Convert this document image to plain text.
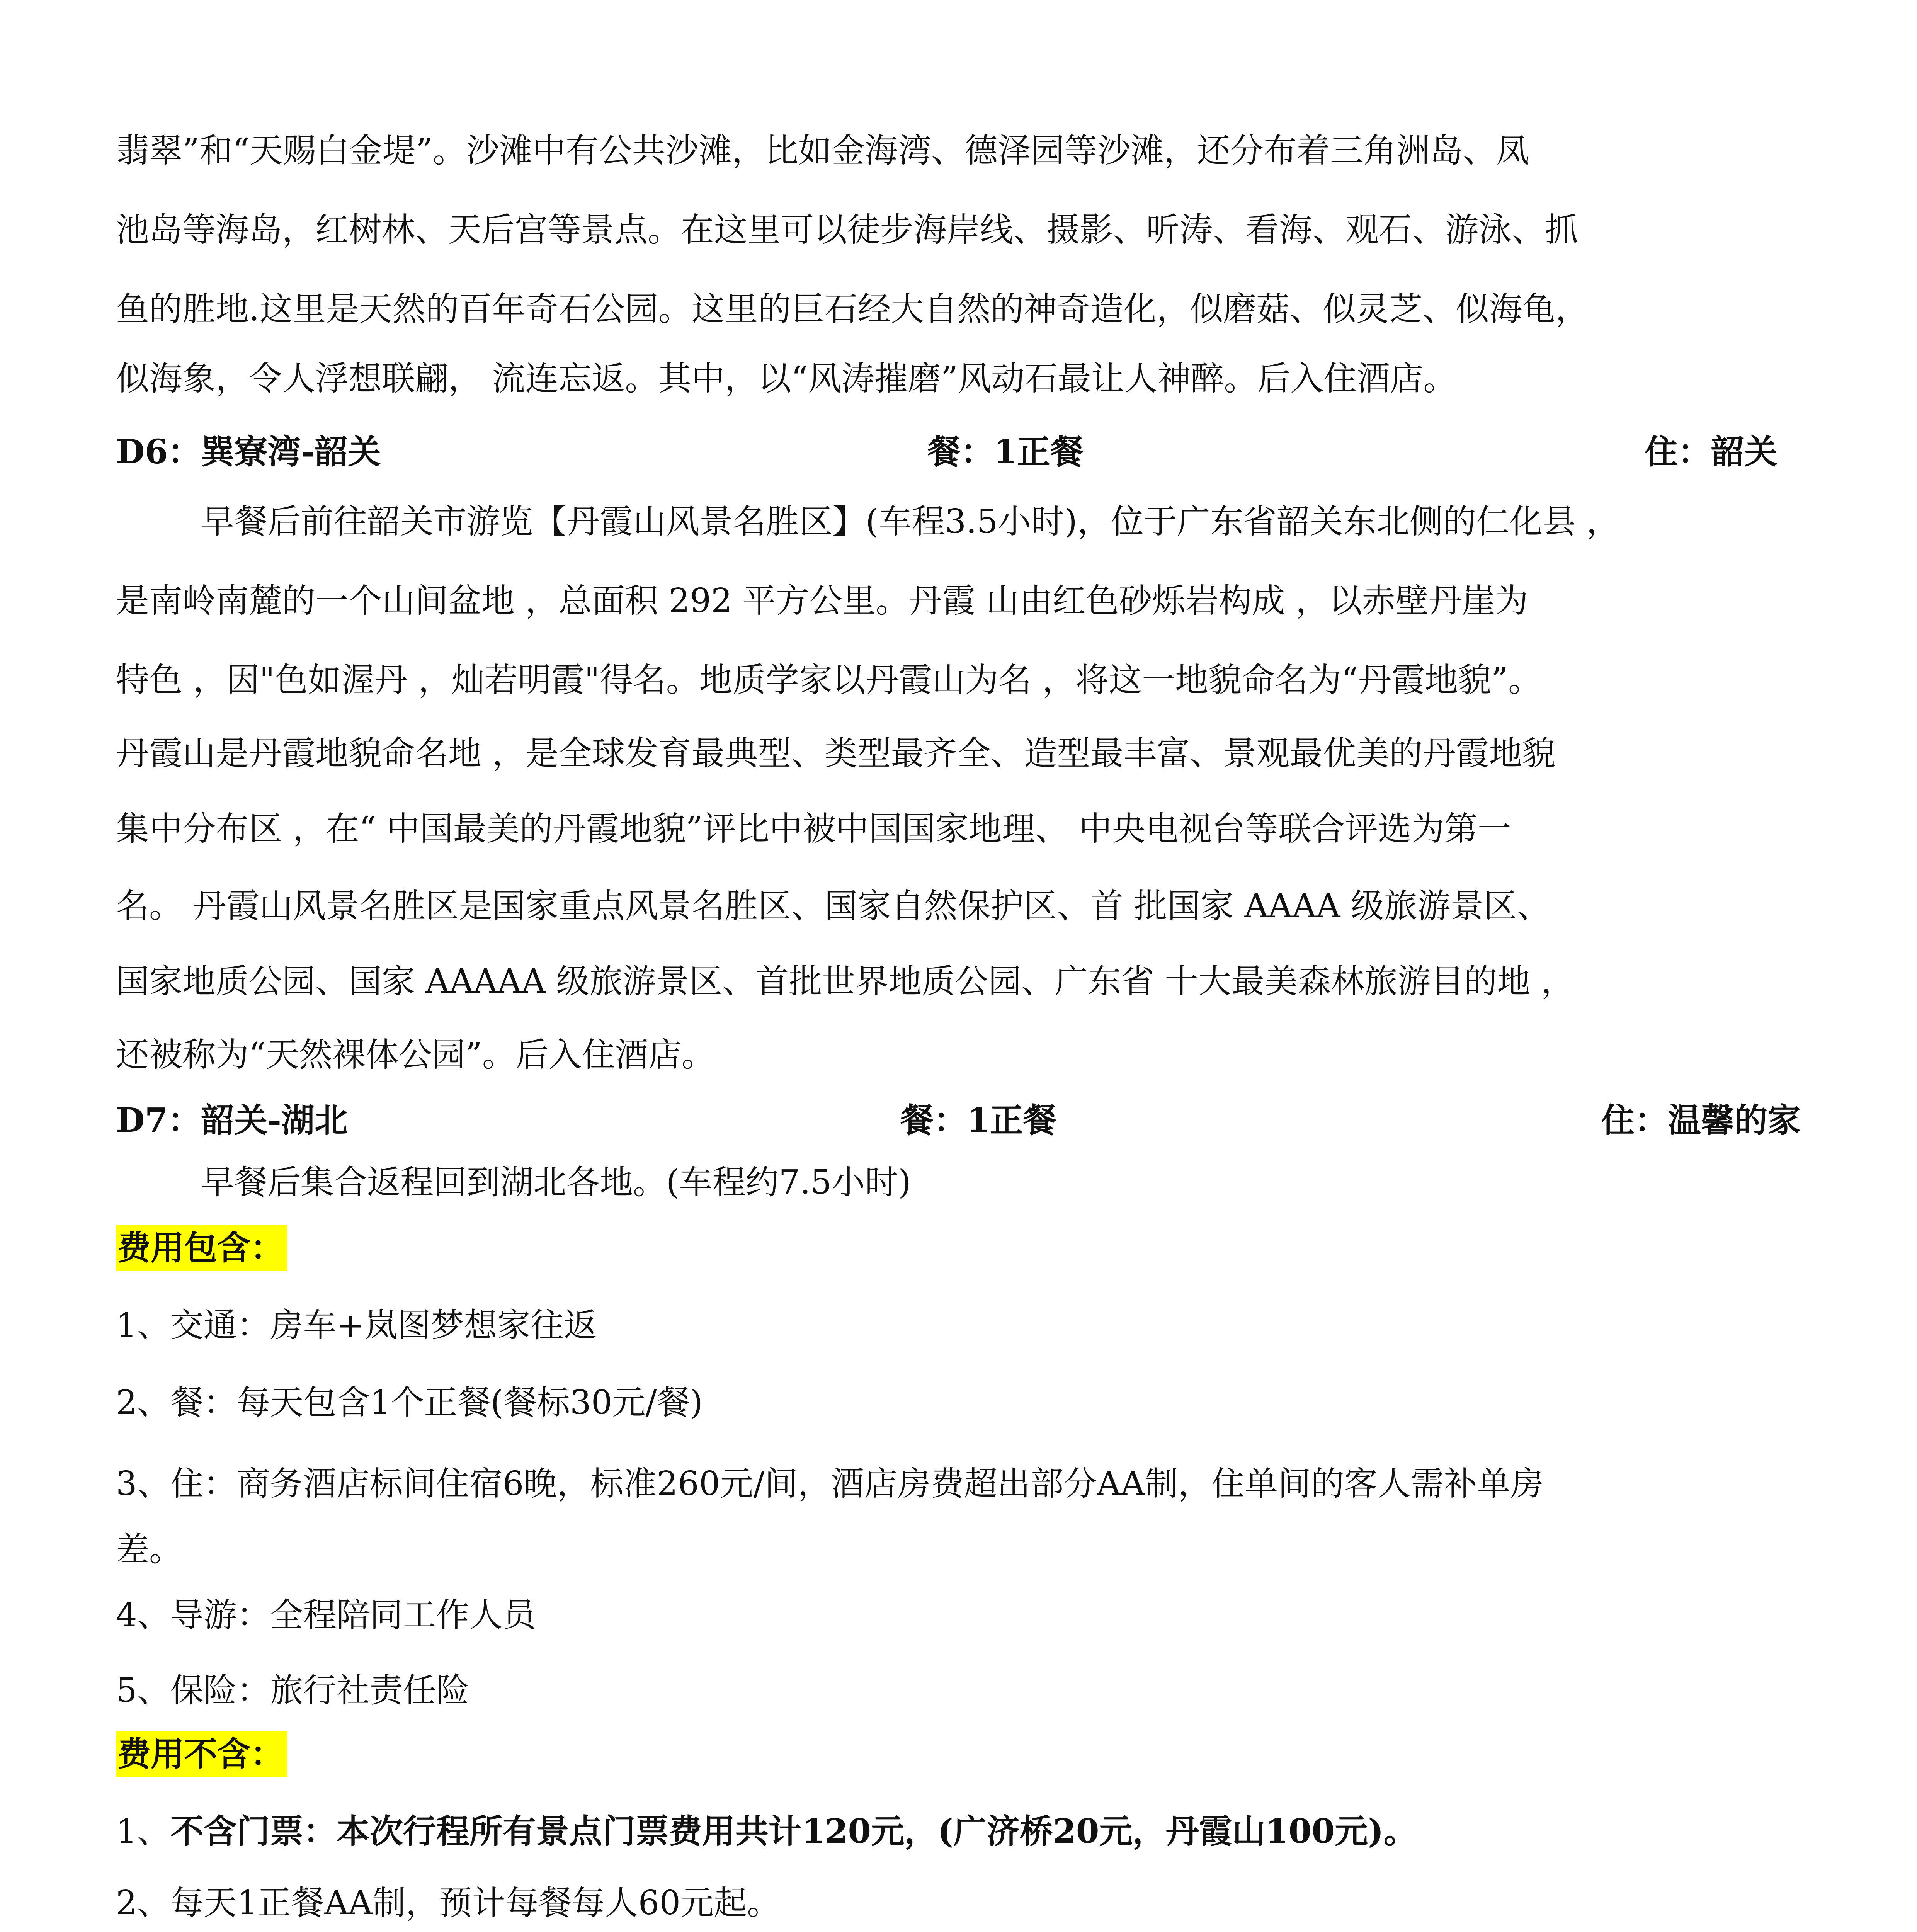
翡翠”和“天赐白金堤”。沙滩中有公共沙滩，比如金海湾、德泽园等沙滩，还分布着三角洲岛、凤
池岛等海岛，红树林、天后宫等景点。在这里可以徒步海岸线、摄影、听涛、看海、观石、游泳、抓
鱼的胜地.这里是天然的百年奇石公园。这里的巨石经大自然的神奇造化，似磨菇、似灵芝、似海龟，
似海象，令人浮想联翩， 流连忘返。其中，以“风涛摧磨”风动石最让人神醉。后入住酒店。
D6：巽寮湾-韶关	餐：1正餐	住：韶关
早餐后前往韶关市游览【丹霞山风景名胜区】(车程3.5小时)，位于广东省韶关东北侧的仁化县 ，
是南岭南麓的一个山间盆地 ，总面积 292 平方公里。丹霞 山由红色砂烁岩构成 ，以赤壁丹崖为
特色 ，因"色如渥丹 ，灿若明霞"得名。地质学家以丹霞山为名 ，将这一地貌命名为“丹霞地貌”。
丹霞山是丹霞地貌命名地 ，是全球发育最典型、类型最齐全、造型最丰富、景观最优美的丹霞地貌
集中分布区 ，在“ 中国最美的丹霞地貌”评比中被中国国家地理、 中央电视台等联合评选为第一
名。 丹霞山风景名胜区是国家重点风景名胜区、国家自然保护区、首 批国家 AAAA 级旅游景区、
国家地质公园、国家 AAAAA 级旅游景区、首批世界地质公园、广东省 十大最美森林旅游目的地 ，
还被称为“天然裸体公园”。后入住酒店。
D7：韶关-湖北	餐：1正餐	住：温馨的家
早餐后集合返程回到湖北各地。(车程约7.5小时)
费用包含：
1、交通：房车+岚图梦想家往返
2、餐：每天包含1个正餐(餐标30元/餐)
3、住：商务酒店标间住宿6晚，标准260元/间，酒店房费超出部分AA制，住单间的客人需补单房
差。
4、导游：全程陪同工作人员
5、保险：旅行社责任险
费用不含：
1、不含门票：本次行程所有景点门票费用共计120元，(广济桥20元，丹霞山100元)。
2、每天1正餐AA制，预计每餐每人60元起。
